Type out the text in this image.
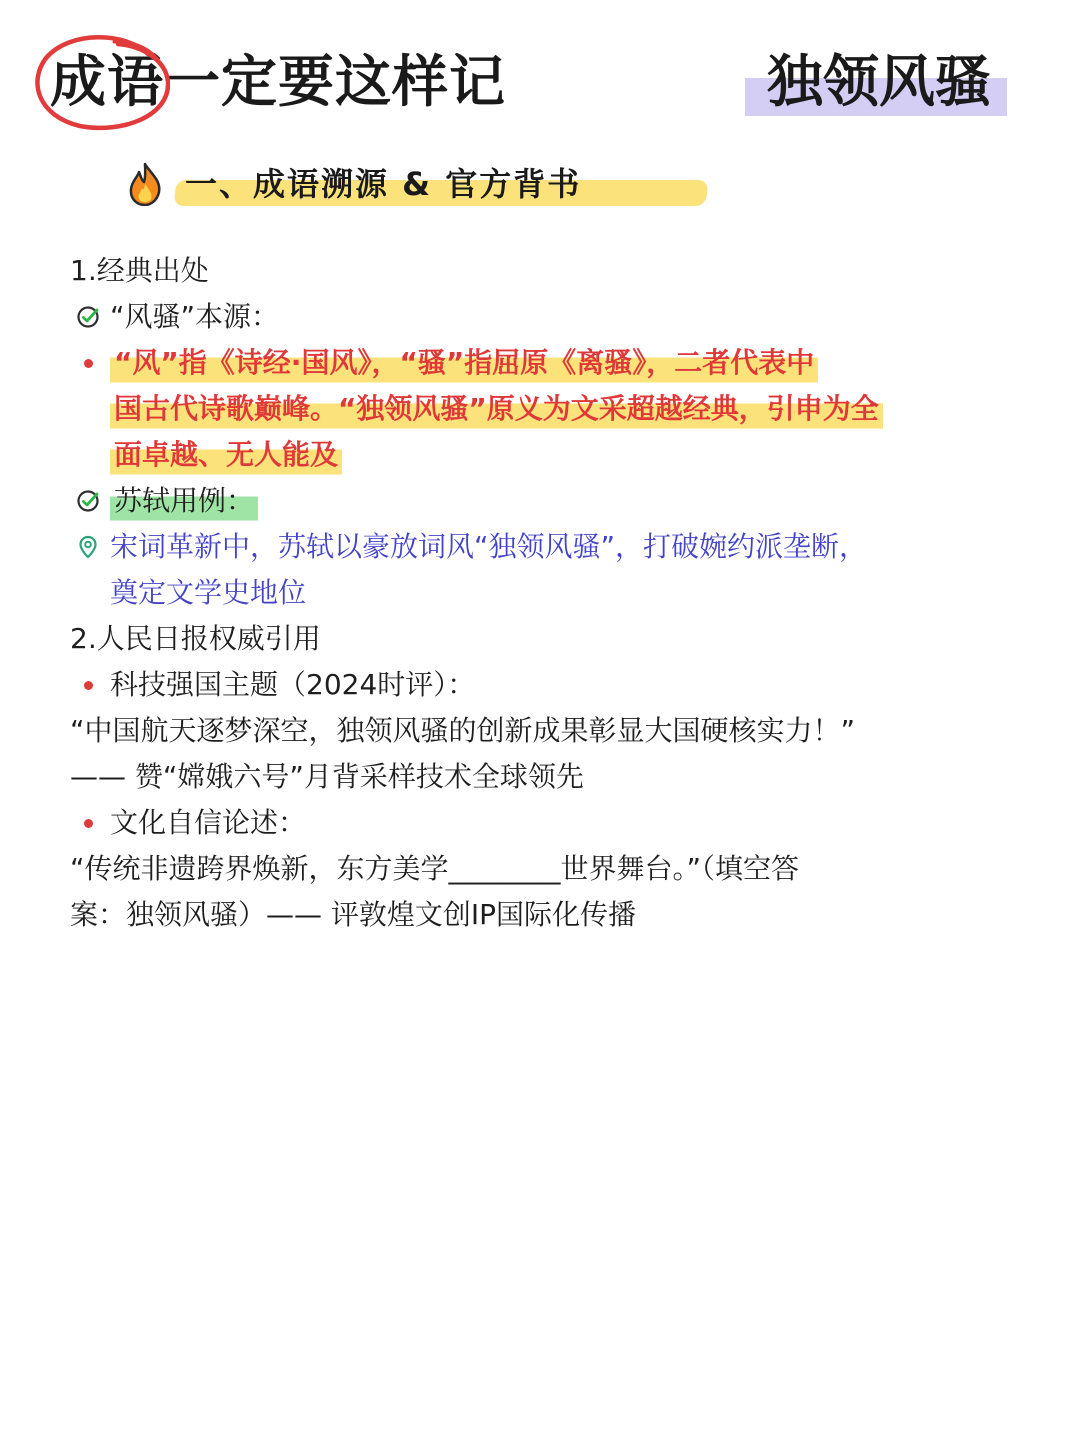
成语一定要这样记	独领风骚
一、成语溯源 & 官方背书
1.经典出处
“风骚”本源：
“风”指《诗经·国风》，“骚”指屈原《离骚》，二者代表中
国古代诗歌巅峰。“独领风骚”原义为文采超越经典，引申为全
面卓越、无人能及
苏轼用例：
宋词革新中，苏轼以豪放词风“独领风骚”，打破婉约派垄断，
奠定文学史地位
2.人民日报权威引用
科技强国主题（2024时评）：
“中国航天逐梦深空，独领风骚的创新成果彰显大国硬核实力！”
—— 赞“嫦娥六号”月背采样技术全球领先
文化自信论述：
“传统非遗跨界焕新，东方美学________世界舞台。”（填空答
案：独领风骚）—— 评敦煌文创IP国际化传播
